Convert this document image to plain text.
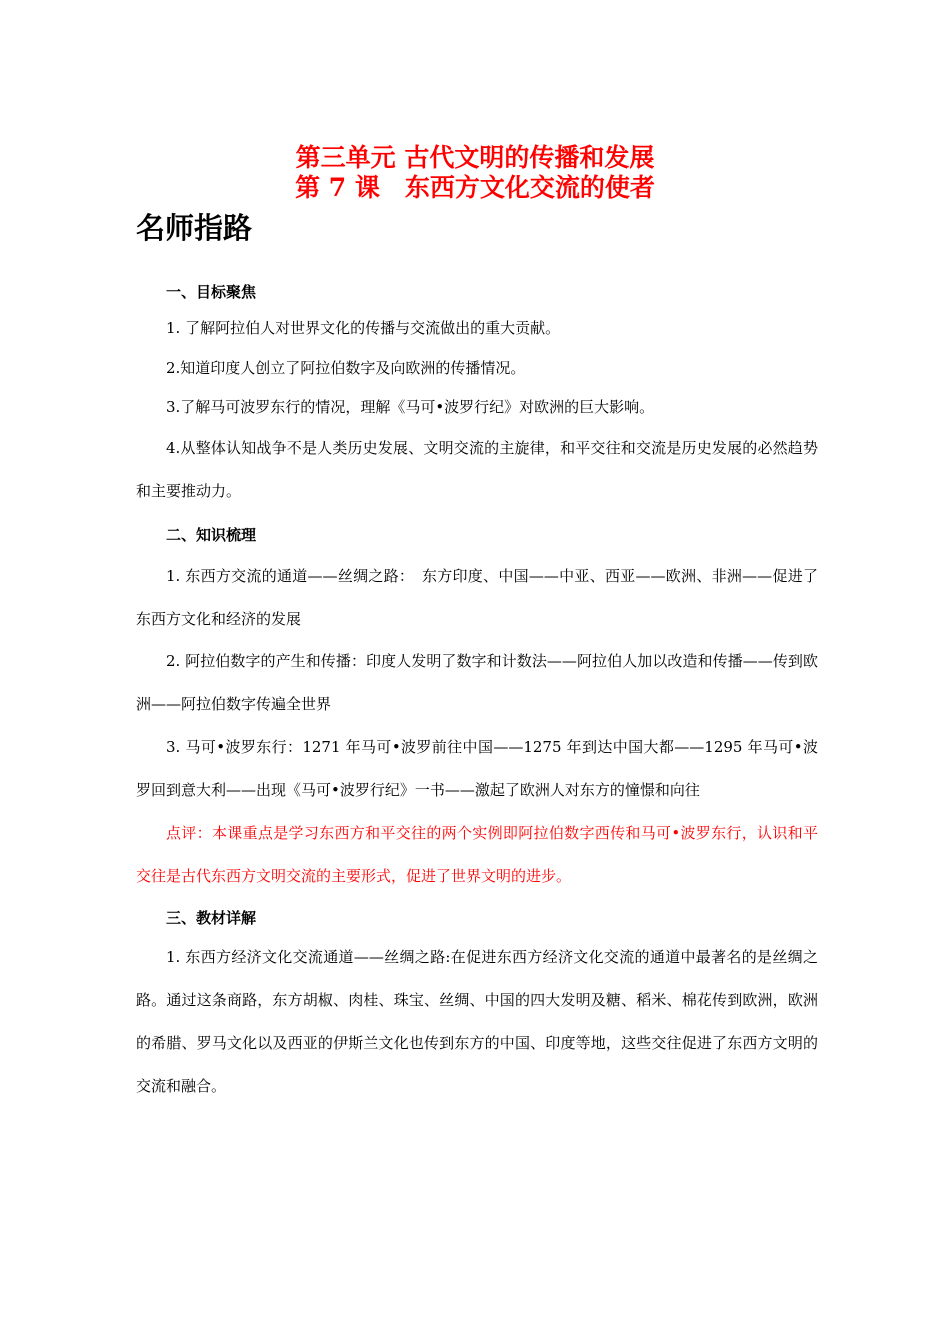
第三单元 古代文明的传播和发展
第 7 课　东西方文化交流的使者
名师指路
一、目标聚焦
1. 了解阿拉伯人对世界文化的传播与交流做出的重大贡献。
2.知道印度人创立了阿拉伯数字及向欧洲的传播情况。
3.了解马可波罗东行的情况，理解《马可•波罗行纪》对欧洲的巨大影响。
4.从整体认知战争不是人类历史发展、文明交流的主旋律，和平交往和交流是历史发展的必然趋势和主要推动力。
二、知识梳理
1. 东西方交流的通道——丝绸之路：　东方印度、中国——中亚、西亚——欧洲、非洲——促进了东西方文化和经济的发展
2. 阿拉伯数字的产生和传播：印度人发明了数字和计数法——阿拉伯人加以改造和传播——传到欧洲——阿拉伯数字传遍全世界
3. 马可•波罗东行：1271 年马可•波罗前往中国——1275 年到达中国大都——1295 年马可•波罗回到意大利——出现《马可•波罗行纪》一书——激起了欧洲人对东方的憧憬和向往
点评：本课重点是学习东西方和平交往的两个实例即阿拉伯数字西传和马可•波罗东行，认识和平交往是古代东西方文明交流的主要形式，促进了世界文明的进步。
三、教材详解
1. 东西方经济文化交流通道——丝绸之路:在促进东西方经济文化交流的通道中最著名的是丝绸之路。通过这条商路，东方胡椒、肉桂、珠宝、丝绸、中国的四大发明及糖、稻米、棉花传到欧洲，欧洲的希腊、罗马文化以及西亚的伊斯兰文化也传到东方的中国、印度等地，这些交往促进了东西方文明的交流和融合。
